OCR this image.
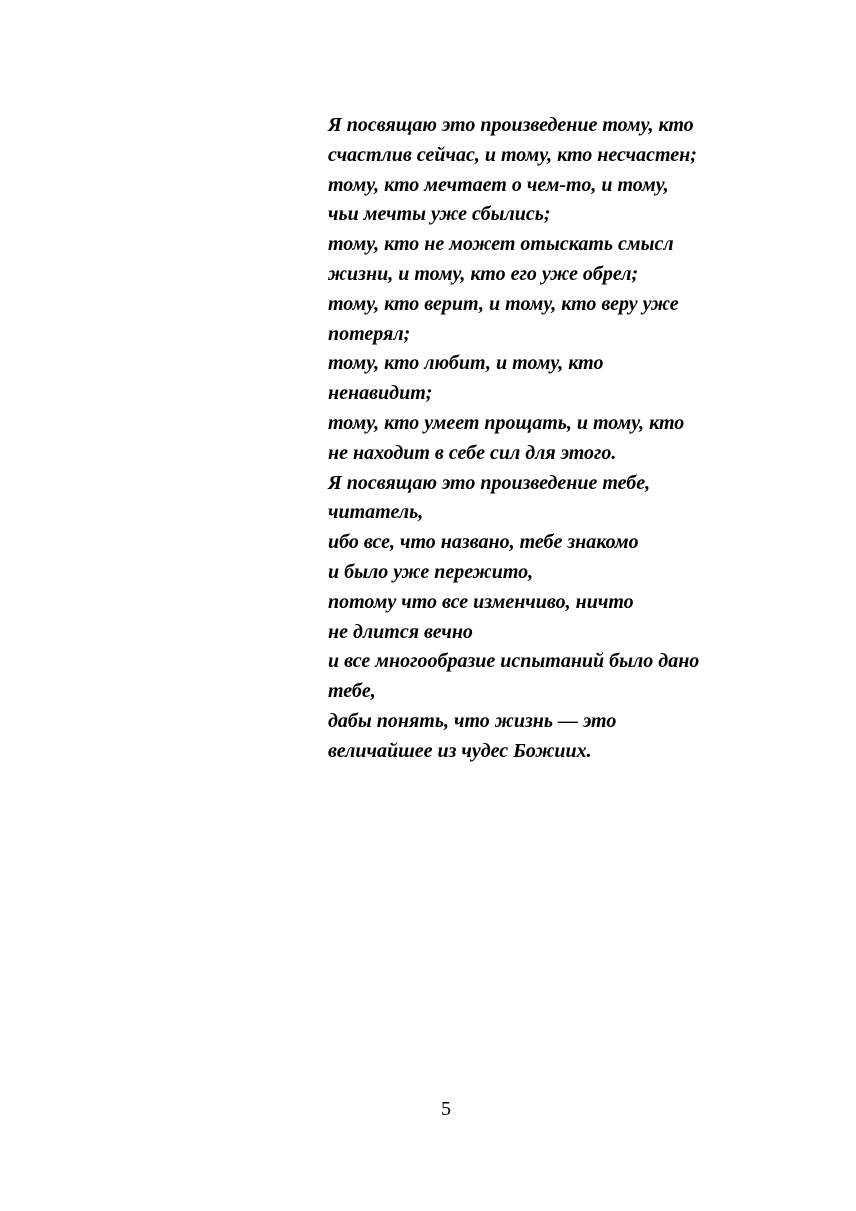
Я посвящаю это произведение тому, кто
счастлив сейчас, и тому, кто несчастен;
тому, кто мечтает о чем-то, и тому,
чьи мечты уже сбылись;
тому, кто не может отыскать смысл
жизни, и тому, кто его уже обрел;
тому, кто верит, и тому, кто веру уже
потерял;
тому, кто любит, и тому, кто
ненавидит;
тому, кто умеет прощать, и тому, кто
не находит в себе сил для этого.
Я посвящаю это произведение тебе,
читатель,
ибо все, что названо, тебе знакомо
и было уже пережито,
потому что все изменчиво, ничто
не длится вечно
и все многообразие испытаний было дано
тебе,
дабы понять, что жизнь — это
величайшее из чудес Божиих.
5
